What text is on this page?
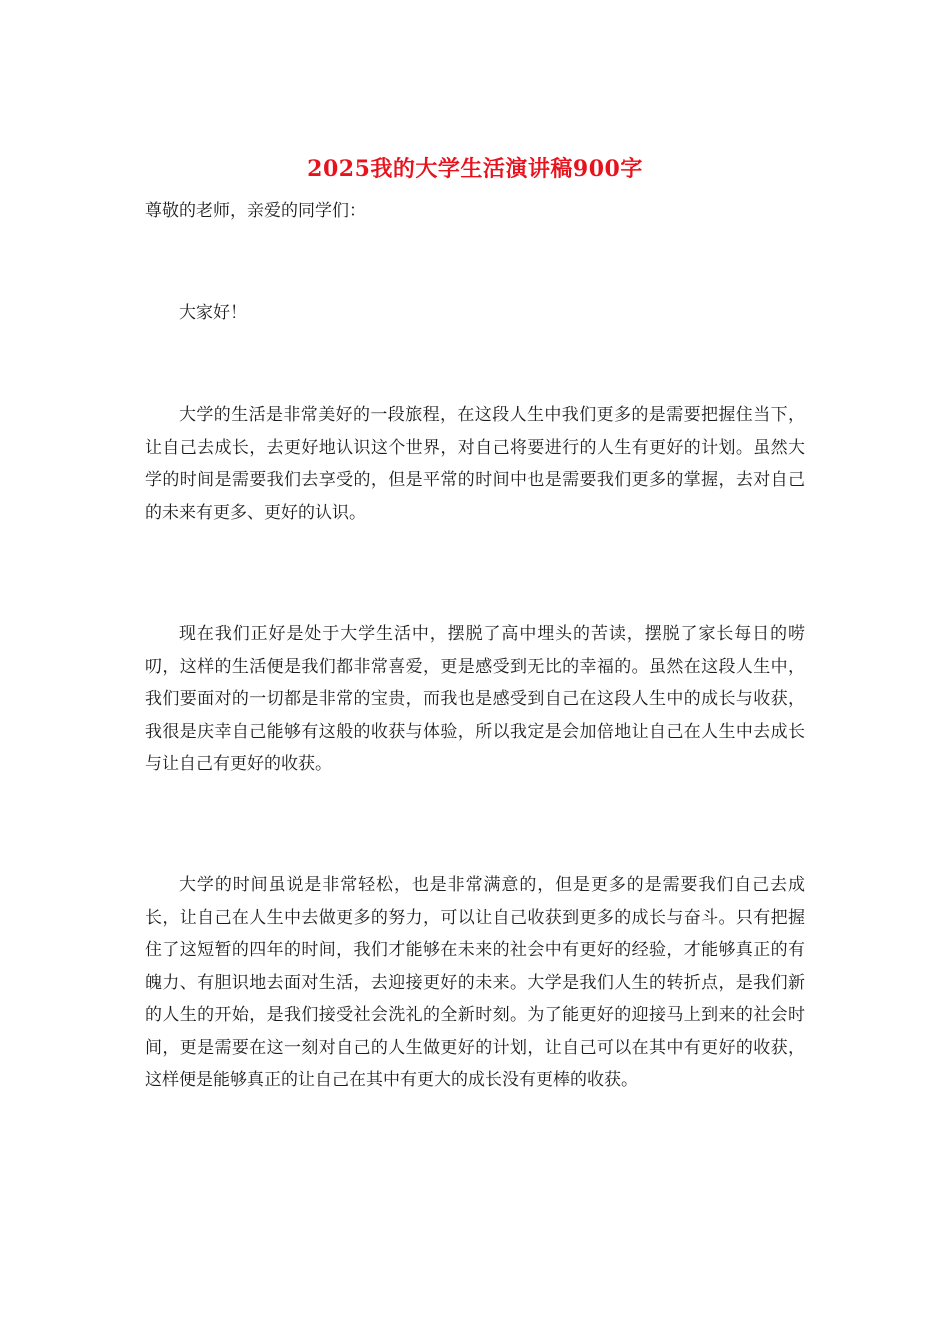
2025我的大学生活演讲稿900字
尊敬的老师，亲爱的同学们：

大家好！

大学的生活是非常美好的一段旅程，在这段人生中我们更多的是需要把握住当下，让自己去成长，去更好地认识这个世界，对自己将要进行的人生有更好的计划。虽然大学的时间是需要我们去享受的，但是平常的时间中也是需要我们更多的掌握，去对自己的未来有更多、更好的认识。

现在我们正好是处于大学生活中，摆脱了高中埋头的苦读，摆脱了家长每日的唠叨，这样的生活便是我们都非常喜爱，更是感受到无比的幸福的。虽然在这段人生中，我们要面对的一切都是非常的宝贵，而我也是感受到自己在这段人生中的成长与收获，我很是庆幸自己能够有这般的收获与体验，所以我定是会加倍地让自己在人生中去成长与让自己有更好的收获。

大学的时间虽说是非常轻松，也是非常满意的，但是更多的是需要我们自己去成长，让自己在人生中去做更多的努力，可以让自己收获到更多的成长与奋斗。只有把握住了这短暂的四年的时间，我们才能够在未来的社会中有更好的经验，才能够真正的有魄力、有胆识地去面对生活，去迎接更好的未来。大学是我们人生的转折点，是我们新的人生的开始，是我们接受社会洗礼的全新时刻。为了能更好的迎接马上到来的社会时间，更是需要在这一刻对自己的人生做更好的计划，让自己可以在其中有更好的收获，这样便是能够真正的让自己在其中有更大的成长没有更棒的收获。
